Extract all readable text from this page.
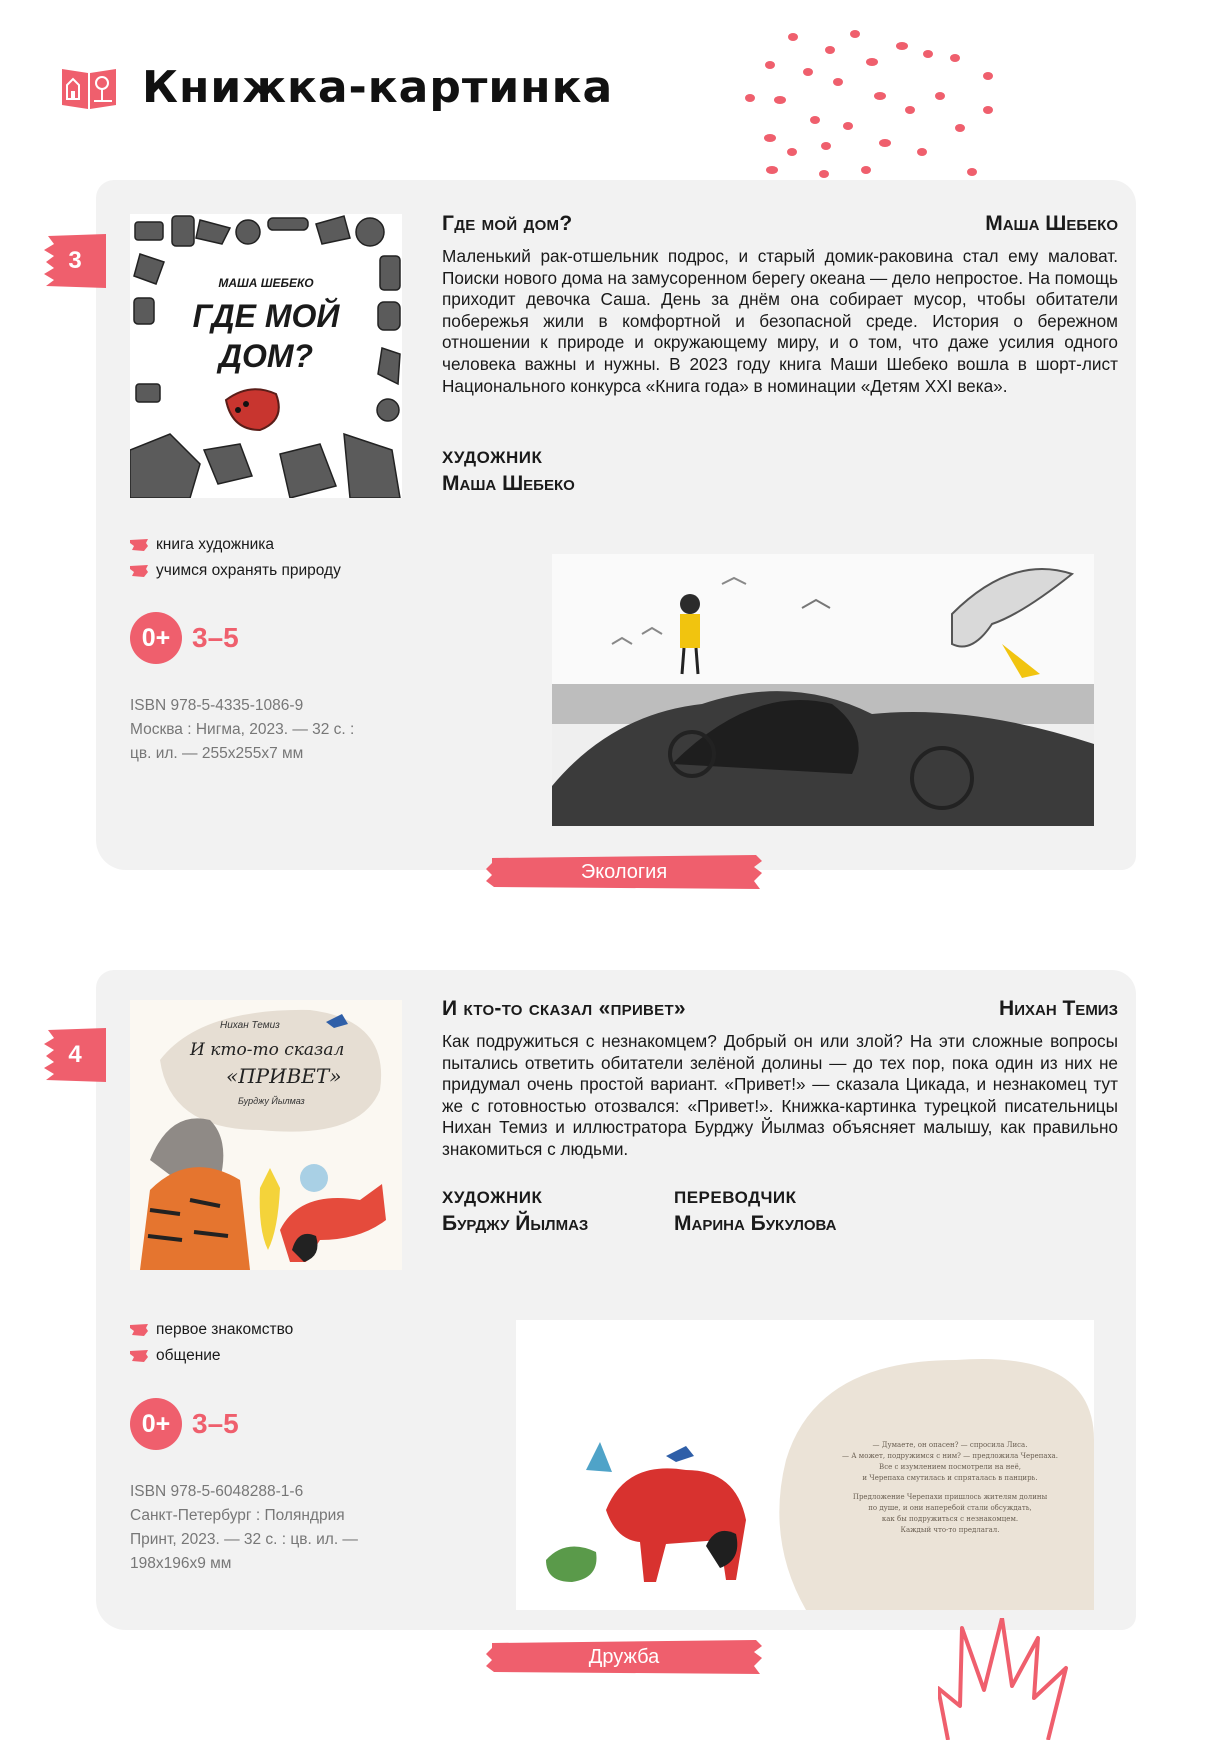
Книжка-картинка
3
МАША ШЕБЕКО
ГДЕ МОЙ
ДОМ?
Где мой дом?	Маша Шебеко
Маленький рак-отшельник подрос, и старый домик-раковина стал ему маловат. Поиски нового дома на замусоренном берегу океана — дело непростое. На помощь приходит девочка Саша. День за днём она собирает мусор, чтобы обитатели побережья жили в комфортной и безопасной среде. История о бережном отношении к природе и окружающему миру, и о том, что даже усилия одного человека важны и нужны. В 2023 году книга Маши Шебеко вошла в шорт-лист Национального конкурса «Книга года» в номинации «Детям XXI века».
ХУДОЖНИК
Маша Шебеко
книга художника
учимся охранять природу
0+ 3–5
ISBN 978-5-4335-1086-9
Москва : Нигма, 2023. — 32 с. :
цв. ил. — 255х255х7 мм
Экология
4
Нихан Темиз
И кто-то сказал
«ПРИВЕТ»
Бурджу Йылмаз
И кто-то сказал «привет»	Нихан Темиз
Как подружиться с незнакомцем? Добрый он или злой? На эти сложные вопросы пытались ответить обитатели зелёной долины — до тех пор, пока один из них не придумал очень простой вариант. «Привет!» — сказала Цикада, и незнакомец тут же с готовностью отозвался: «Привет!». Книжка-картинка турецкой писательницы Нихан Темиз и иллюстратора Бурджу Йылмаз объясняет малышу, как правильно знакомиться с людьми.
ХУДОЖНИК
Бурджу Йылмаз
ПЕРЕВОДЧИК
Марина Букулова
первое знакомство
общение
0+ 3–5
ISBN 978-5-6048288-1-6
Санкт-Петербург : Поляндрия
Принт, 2023. — 32 с. : цв. ил. —
198х196х9 мм
— Думаете, он опасен? — спросила Лиса.
— А может, подружимся с ним? — предложила Черепаха.
Все с изумлением посмотрели на неё,
и Черепаха смутилась и спряталась в панцирь.
Предложение Черепахи пришлось жителям долины
по душе, и они наперебой стали обсуждать,
как бы подружиться с незнакомцем.
Каждый что-то предлагал.
Дружба
